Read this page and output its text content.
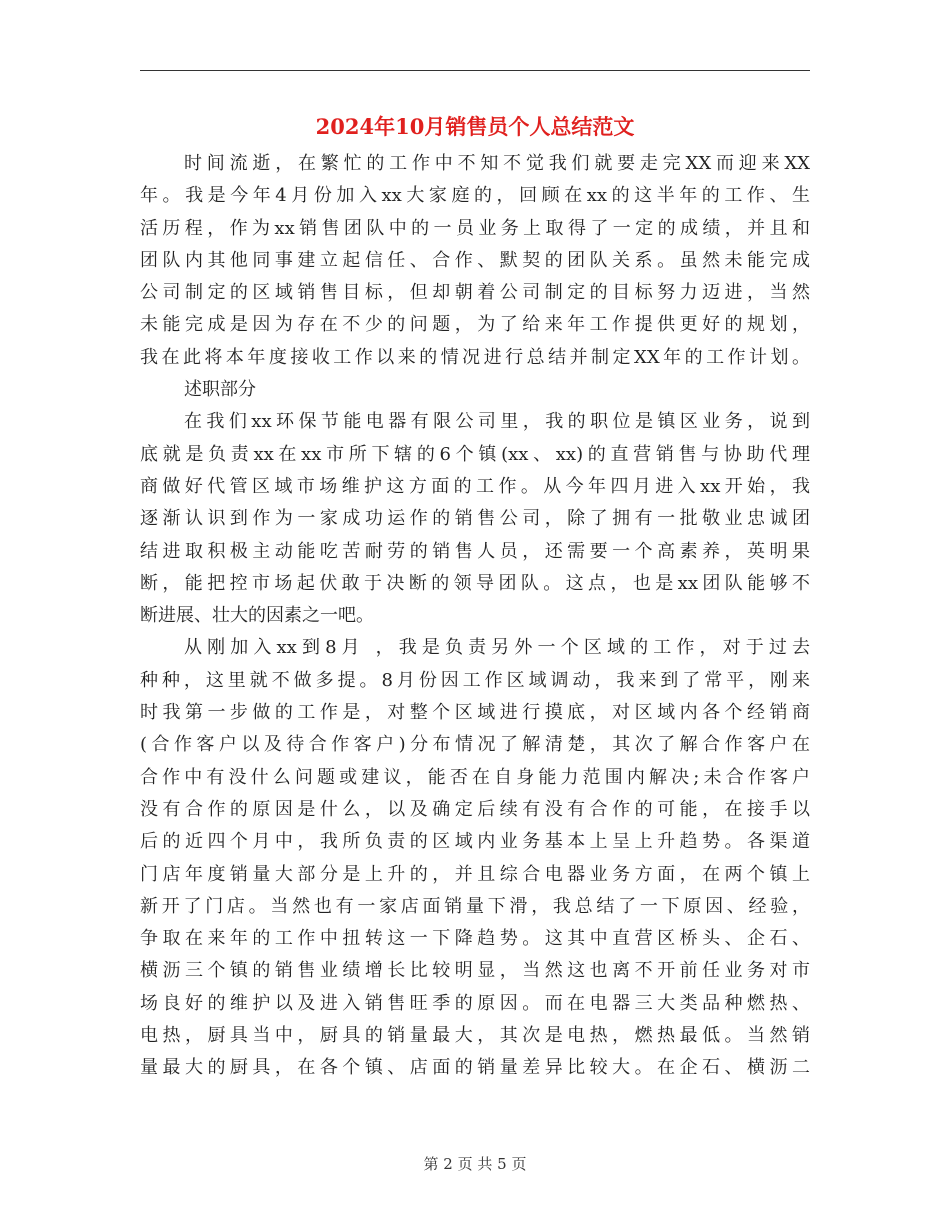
2024年10月销售员个人总结范文
时间流逝，在繁忙的工作中不知不觉我们就要走完XX而迎来XX
年。我是今年4月份加入xx大家庭的，回顾在xx的这半年的工作、生
活历程，作为xx销售团队中的一员业务上取得了一定的成绩，并且和
团队内其他同事建立起信任、合作、默契的团队关系。虽然未能完成
公司制定的区域销售目标，但却朝着公司制定的目标努力迈进，当然
未能完成是因为存在不少的问题，为了给来年工作提供更好的规划，
我在此将本年度接收工作以来的情况进行总结并制定XX年的工作计划。
述职部分
在我们xx环保节能电器有限公司里，我的职位是镇区业务，说到
底就是负责xx在xx市所下辖的6个镇(xx、xx)的直营销售与协助代理
商做好代管区域市场维护这方面的工作。从今年四月进入xx开始，我
逐渐认识到作为一家成功运作的销售公司，除了拥有一批敬业忠诚团
结进取积极主动能吃苦耐劳的销售人员，还需要一个高素养，英明果
断，能把控市场起伏敢于决断的领导团队。这点，也是xx团队能够不
断进展、壮大的因素之一吧。
从刚加入xx到8月 ，我是负责另外一个区域的工作，对于过去
种种，这里就不做多提。8月份因工作区域调动，我来到了常平，刚来
时我第一步做的工作是，对整个区域进行摸底，对区域内各个经销商
(合作客户以及待合作客户)分布情况了解清楚，其次了解合作客户在
合作中有没什么问题或建议，能否在自身能力范围内解决;未合作客户
没有合作的原因是什么，以及确定后续有没有合作的可能，在接手以
后的近四个月中，我所负责的区域内业务基本上呈上升趋势。各渠道
门店年度销量大部分是上升的，并且综合电器业务方面，在两个镇上
新开了门店。当然也有一家店面销量下滑，我总结了一下原因、经验，
争取在来年的工作中扭转这一下降趋势。这其中直营区桥头、企石、
横沥三个镇的销售业绩增长比较明显，当然这也离不开前任业务对市
场良好的维护以及进入销售旺季的原因。而在电器三大类品种燃热、
电热，厨具当中，厨具的销量最大，其次是电热，燃热最低。当然销
量最大的厨具，在各个镇、店面的销量差异比较大。在企石、横沥二
第 2 页 共 5 页
